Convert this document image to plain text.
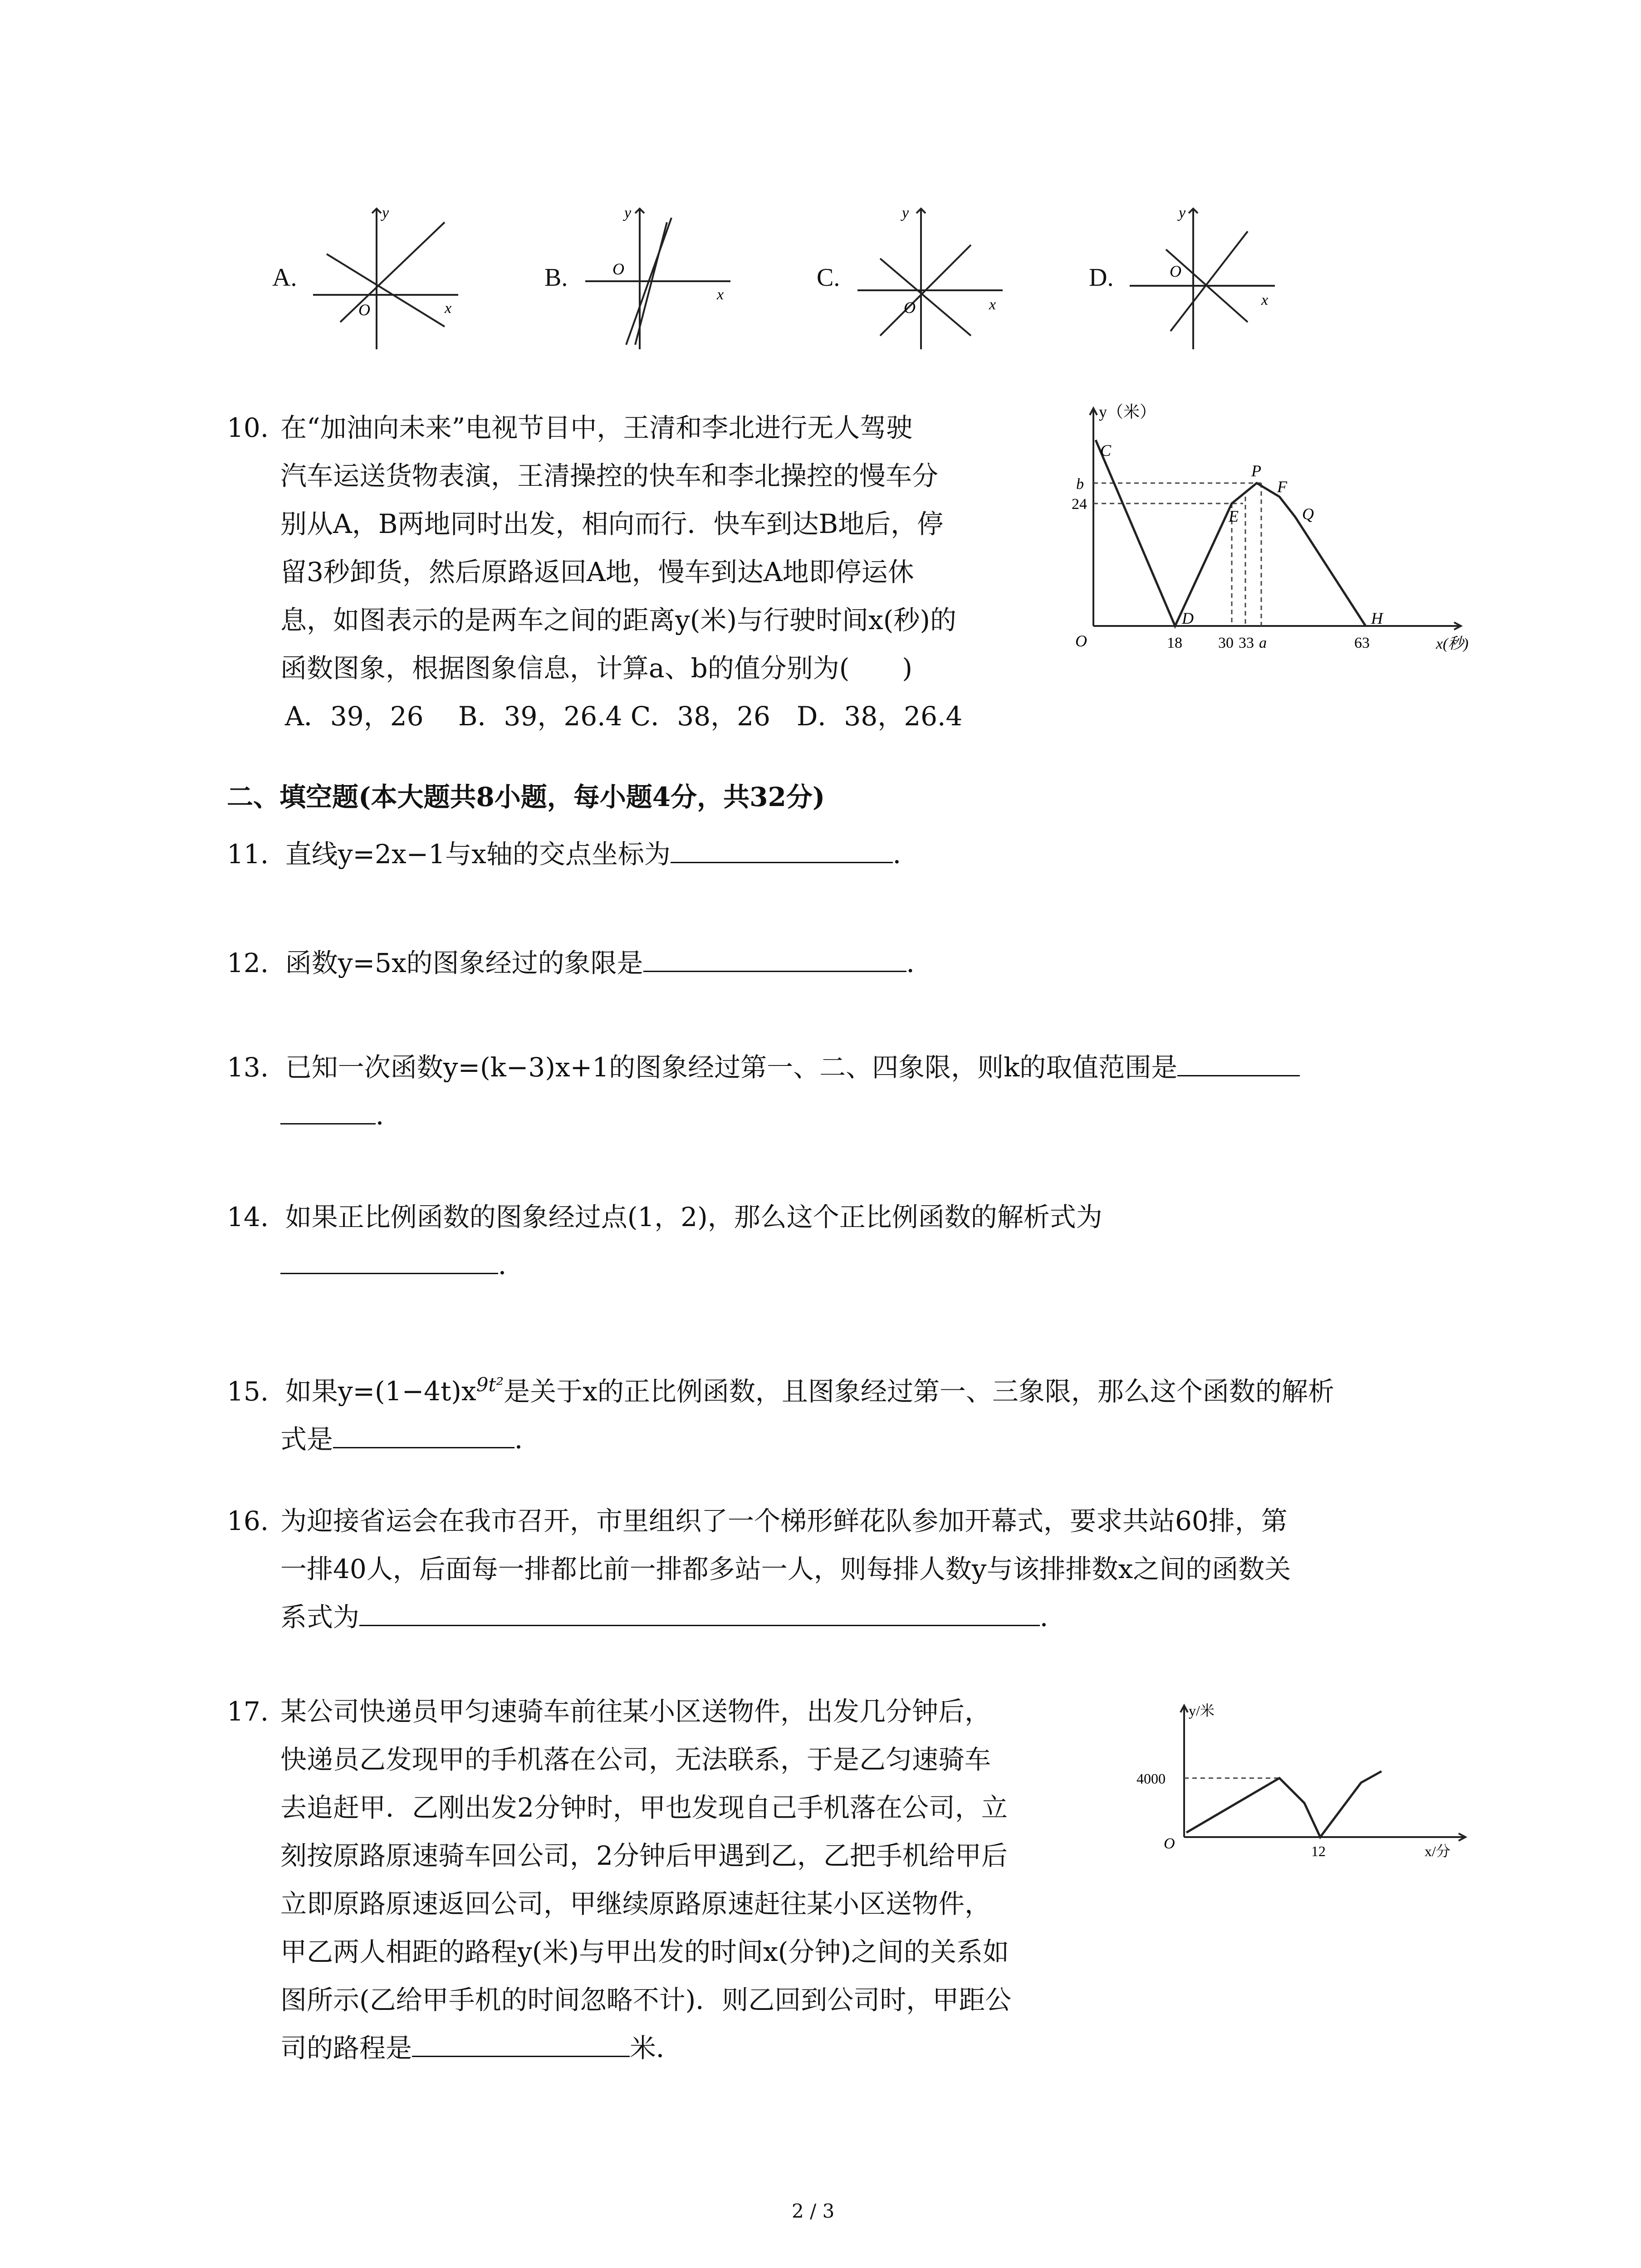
A.
y
x
O
B.
y
x
O	C.
y
x
O
D.
y
x
O
10. 在“加油向未来”电视节目中，王清和李北进行无人驾驶
汽车运送货物表演，王清操控的快车和李北操控的慢车分
别从A，B两地同时出发，相向而行．快车到达B地后，停
留3秒卸货，然后原路返回A地，慢车到达A地即停运休
息，如图表示的是两车之间的距离y(米)与行驶时间x(秒)的
函数图象，根据图象信息，计算a、b的值分别为(　　)
A．39，26　 B．39，26.4 C．38，26　D．38，26.4
y（米）
x(秒)
O
b
24
18 30 33 a	63
C
D
E
P
F
Q
H
二、填空题(本大题共8小题，每小题4分，共32分)
11. 直线y=2x−1与x轴的交点坐标为	．
12. 函数y=5x的图象经过的象限是	．
13. 已知一次函数y=(k−3)x+1的图象经过第一、二、四象限，则k的取值范围是
．
14. 如果正比例函数的图象经过点(1，2)，那么这个正比例函数的解析式为
．
15. 如果$y=(1-4t)x^{9t^2}$是关于x的正比例函数，且图象经过第一、三象限，那么这个函数的解析
式是	．
16. 为迎接省运会在我市召开，市里组织了一个梯形鲜花队参加开幕式，要求共站60排，第
一排40人，后面每一排都比前一排都多站一人，则每排人数y与该排排数x之间的函数关
系式为	．
17. 某公司快递员甲匀速骑车前往某小区送物件，出发几分钟后，
快递员乙发现甲的手机落在公司，无法联系，于是乙匀速骑车
去追赶甲．乙刚出发2分钟时，甲也发现自己手机落在公司，立
刻按原路原速骑车回公司，2分钟后甲遇到乙，乙把手机给甲后
立即原路原速返回公司，甲继续原路原速赶往某小区送物件，
甲乙两人相距的路程y(米)与甲出发的时间x(分钟)之间的关系如
图所示(乙给甲手机的时间忽略不计)．则乙回到公司时，甲距公
司的路程是	米．
y/米
x/分
O
4000
12
2 / 3
